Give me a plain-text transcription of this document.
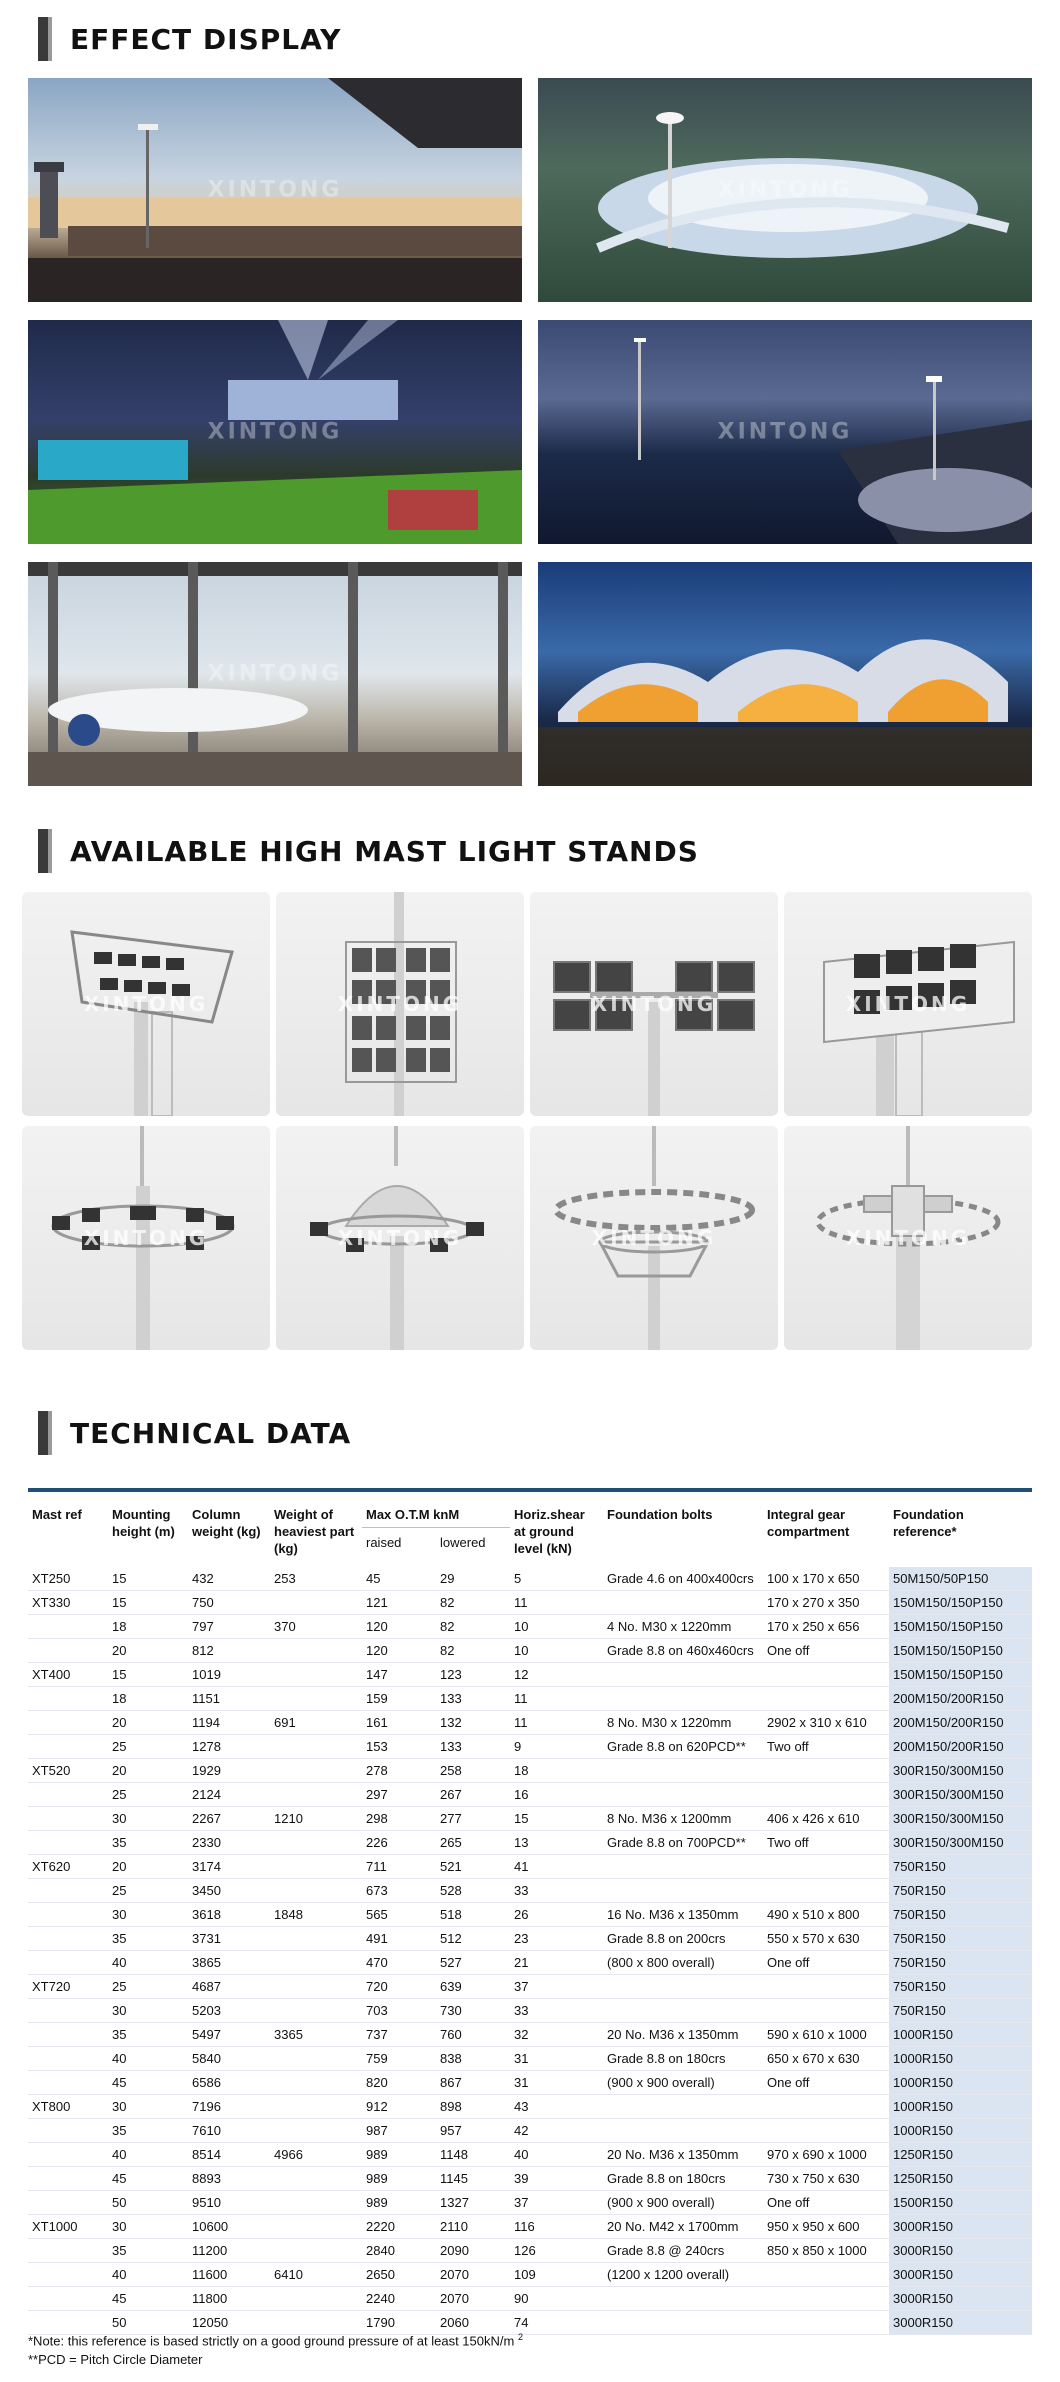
EFFECT DISPLAY
XINTONG	XINTONG
XINTONG	XINTONG
XINTONG
AVAILABLE HIGH MAST LIGHT STANDS
XINTONG	XINTONG	XINTONG	XINTONG
XINTONG	XINTONG	XINTONG	XINTONG
TECHNICAL DATA
Mast ref	Mounting height (m)	Column weight (kg)	Weight of heaviest part (kg)	Max O.T.M knM		Horiz.shear at ground level (kN)	Foundation bolts	Integral gear compartment	Foundation reference*
				raised	lowered				
XT250	15	432	253	45	29	5	Grade 4.6 on 400x400crs	100 x 170 x 650	50M150/50P150
XT330	15	750		121	82	11		170 x 270 x 350	150M150/150P150
	18	797	370	120	82	10	4 No. M30 x 1220mm	170 x 250 x 656	150M150/150P150
	20	812		120	82	10	Grade 8.8 on 460x460crs	One off	150M150/150P150
XT400	15	1019		147	123	12			150M150/150P150
	18	1151		159	133	11			200M150/200R150
	20	1194	691	161	132	11	8 No. M30 x 1220mm	2902 x 310 x 610	200M150/200R150
	25	1278		153	133	9	Grade 8.8 on 620PCD**	Two off	200M150/200R150
XT520	20	1929		278	258	18			300R150/300M150
	25	2124		297	267	16			300R150/300M150
	30	2267	1210	298	277	15	8 No. M36 x 1200mm	406 x 426 x 610	300R150/300M150
	35	2330		226	265	13	Grade 8.8 on 700PCD**	Two off	300R150/300M150
XT620	20	3174		711	521	41			750R150
	25	3450		673	528	33			750R150
	30	3618	1848	565	518	26	16 No. M36 x 1350mm	490 x 510 x 800	750R150
	35	3731		491	512	23	Grade 8.8 on 200crs	550 x 570 x 630	750R150
	40	3865		470	527	21	(800 x 800 overall)	One off	750R150
XT720	25	4687		720	639	37			750R150
	30	5203		703	730	33			750R150
	35	5497	3365	737	760	32	20 No. M36 x 1350mm	590 x 610 x 1000	1000R150
	40	5840		759	838	31	Grade 8.8 on 180crs	650 x 670 x 630	1000R150
	45	6586		820	867	31	(900 x 900 overall)	One off	1000R150
XT800	30	7196		912	898	43			1000R150
	35	7610		987	957	42			1000R150
	40	8514	4966	989	1148	40	20 No. M36 x 1350mm	970 x 690 x 1000	1250R150
	45	8893		989	1145	39	Grade 8.8 on 180crs	730 x 750 x 630	1250R150
	50	9510		989	1327	37	(900 x 900 overall)	One off	1500R150
XT1000	30	10600		2220	2110	116	20 No. M42 x 1700mm	950 x 950 x 600	3000R150
	35	11200		2840	2090	126	Grade 8.8 @ 240crs	850 x 850 x 1000	3000R150
	40	11600	6410	2650	2070	109	(1200 x 1200 overall)		3000R150
	45	11800		2240	2070	90			3000R150
	50	12050		1790	2060	74			3000R150
*Note: this reference is based strictly on a good ground pressure of at least 150kN/m $^2$
**PCD = Pitch Circle Diameter
